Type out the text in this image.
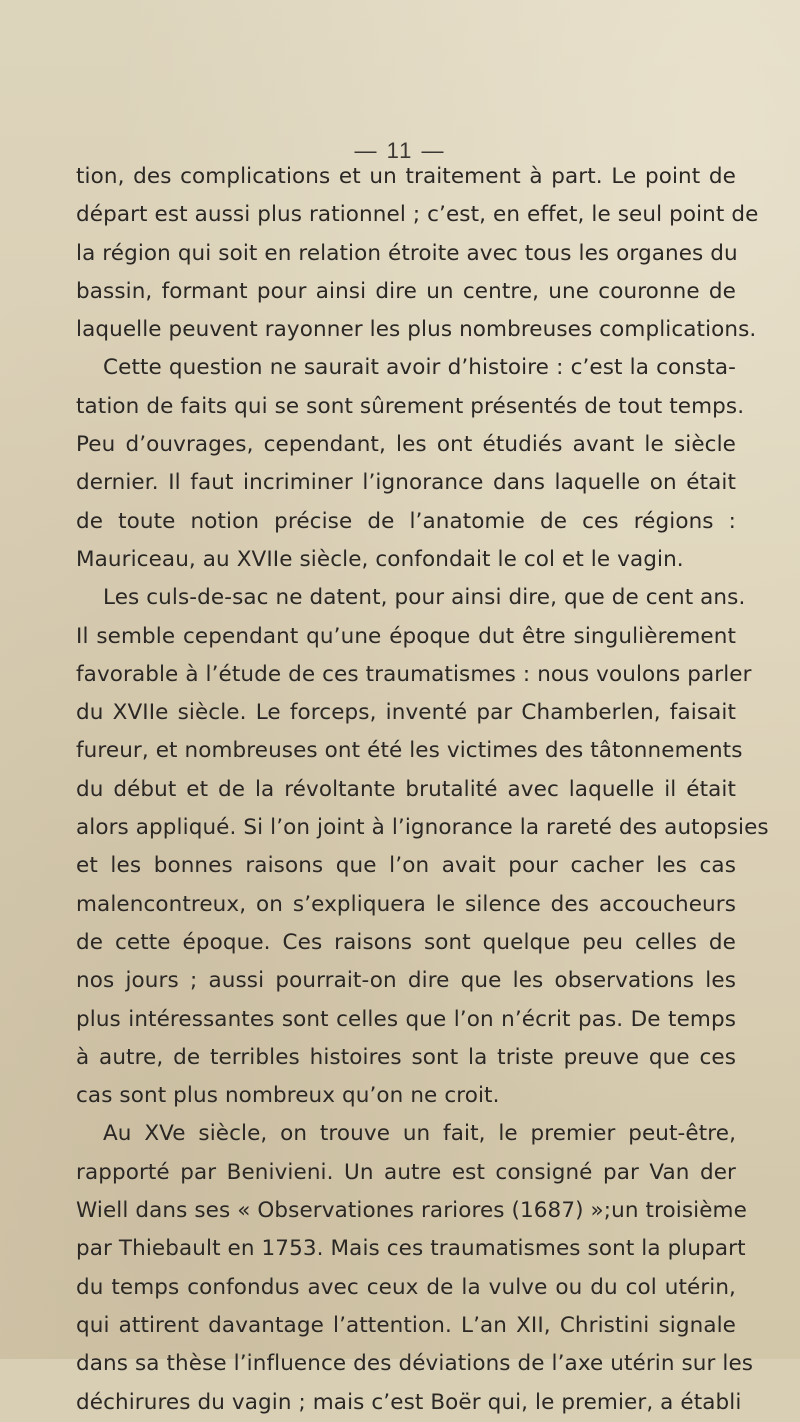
— 11 —
tion, des complications et un traitement à part. Le point de
départ est aussi plus rationnel ; c’est, en effet, le seul point de
la région qui soit en relation étroite avec tous les organes du
bassin, formant pour ainsi dire un centre, une couronne de
laquelle peuvent rayonner les plus nombreuses complications.
Cette question ne saurait avoir d’histoire : c’est la consta-
tation de faits qui se sont sûrement présentés de tout temps.
Peu d’ouvrages, cependant, les ont étudiés avant le siècle
dernier. Il faut incriminer l’ignorance dans laquelle on était
de toute notion précise de l’anatomie de ces régions :
Mauriceau, au XVIIe siècle, confondait le col et le vagin.
Les culs-de-sac ne datent, pour ainsi dire, que de cent ans.
Il semble cependant qu’une époque dut être singulièrement
favorable à l’étude de ces traumatismes : nous voulons parler
du XVIIe siècle. Le forceps, inventé par Chamberlen, faisait
fureur, et nombreuses ont été les victimes des tâtonnements
du début et de la révoltante brutalité avec laquelle il était
alors appliqué. Si l’on joint à l’ignorance la rareté des autopsies
et les bonnes raisons que l’on avait pour cacher les cas
malencontreux, on s’expliquera le silence des accoucheurs
de cette époque. Ces raisons sont quelque peu celles de
nos jours ; aussi pourrait-on dire que les observations les
plus intéressantes sont celles que l’on n’écrit pas. De temps
à autre, de terribles histoires sont la triste preuve que ces
cas sont plus nombreux qu’on ne croit.
Au XVe siècle, on trouve un fait, le premier peut-être,
rapporté par Benivieni. Un autre est consigné par Van der
Wiell dans ses « Observationes rariores (1687) »;un troisième
par Thiebault en 1753. Mais ces traumatismes sont la plupart
du temps confondus avec ceux de la vulve ou du col utérin,
qui attirent davantage l’attention. L’an XII, Christini signale
dans sa thèse l’influence des déviations de l’axe utérin sur les
déchirures du vagin ; mais c’est Boër qui, le premier, a établi
